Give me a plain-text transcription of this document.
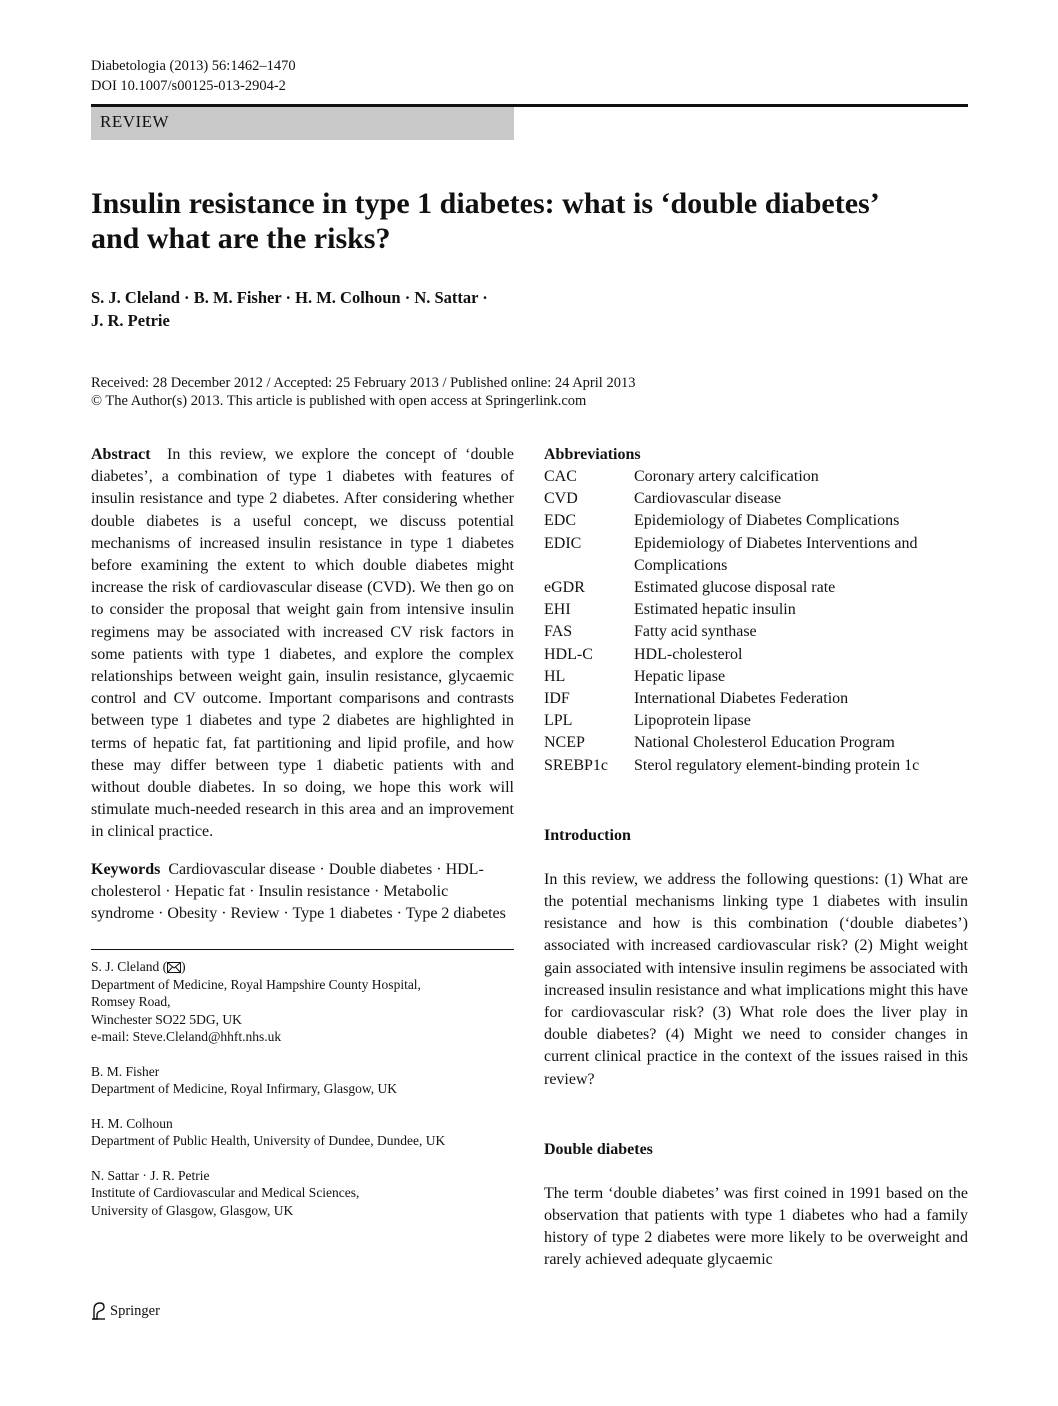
Diabetologia (2013) 56:1462–1470
DOI 10.1007/s00125-013-2904-2
REVIEW
Insulin resistance in type 1 diabetes: what is ‘double diabetes’ and what are the risks?
S. J. Cleland · B. M. Fisher · H. M. Colhoun · N. Sattar ·
J. R. Petrie
Received: 28 December 2012 / Accepted: 25 February 2013 / Published online: 24 April 2013
© The Author(s) 2013. This article is published with open access at Springerlink.com

Abstract In this review, we explore the concept of ‘double diabetes’, a combination of type 1 diabetes with features of insulin resistance and type 2 diabetes. After considering whether double diabetes is a useful concept, we discuss potential mechanisms of increased insulin resistance in type 1 diabetes before examining the extent to which double diabetes might increase the risk of cardiovascular disease (CVD). We then go on to consider the proposal that weight gain from intensive insulin regimens may be associated with increased CV risk factors in some patients with type 1 diabetes, and explore the complex relationships between weight gain, insulin resistance, glycaemic control and CV outcome. Important comparisons and contrasts between type 1 diabetes and type 2 diabetes are highlighted in terms of hepatic fat, fat partitioning and lipid profile, and how these may differ between type 1 diabetic patients with and without double diabetes. In so doing, we hope this work will stimulate much-needed research in this area and an improvement in clinical practice.

Keywords Cardiovascular disease · Double diabetes · HDL-cholesterol · Hepatic fat · Insulin resistance · Metabolic syndrome · Obesity · Review · Type 1 diabetes · Type 2 diabetes

S. J. Cleland ( )
Department of Medicine, Royal Hampshire County Hospital,
Romsey Road,
Winchester SO22 5DG, UK
e-mail: Steve.Cleland@hhft.nhs.uk
B. M. Fisher
Department of Medicine, Royal Infirmary, Glasgow, UK
H. M. Colhoun
Department of Public Health, University of Dundee, Dundee, UK
N. Sattar · J. R. Petrie
Institute of Cardiovascular and Medical Sciences,
University of Glasgow, Glasgow, UK
Abbreviations
CAC	Coronary artery calcification
CVD	Cardiovascular disease
EDC	Epidemiology of Diabetes Complications
EDIC	Epidemiology of Diabetes Interventions and Complications
eGDR	Estimated glucose disposal rate
EHI	Estimated hepatic insulin
FAS	Fatty acid synthase
HDL-C	HDL-cholesterol
HL	Hepatic lipase
IDF	International Diabetes Federation
LPL	Lipoprotein lipase
NCEP	National Cholesterol Education Program
SREBP1c	Sterol regulatory element-binding protein 1c
Introduction

In this review, we address the following questions: (1) What are the potential mechanisms linking type 1 diabetes with insulin resistance and how is this combination (‘double diabetes’) associated with increased cardiovascular risk? (2) Might weight gain associated with intensive insulin regimens be associated with increased insulin resistance and what implications might this have for cardiovascular risk? (3) What role does the liver play in double diabetes? (4) Might we need to consider changes in current clinical practice in the context of the issues raised in this review?

Double diabetes

The term ‘double diabetes’ was first coined in 1991 based on the observation that patients with type 1 diabetes who had a family history of type 2 diabetes were more likely to be overweight and rarely achieved adequate glycaemic

Springer
